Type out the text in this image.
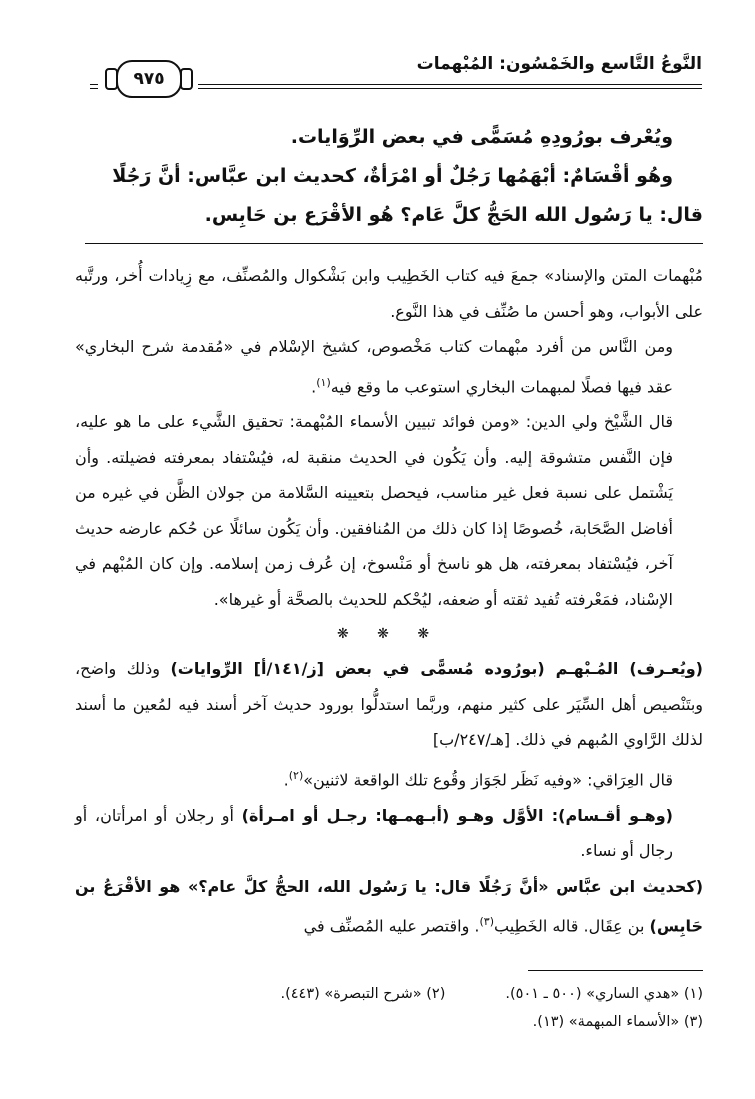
٩٧٥
النَّوعُ التَّاسع والخَمْسُون: المُبْهمات

ويُعْرف بورُودِهِ مُسَمًّى في بعض الرِّوَايات.

وهُو أقْسَامٌ: أبْهَمُها رَجُلٌ أو امْرَأةٌ، كحديث ابن عبَّاس: أنَّ رَجُلًا

قال: يا رَسُول الله الحَجُّ كلَّ عَام؟ هُو الأقْرَع بن حَابِس.

مُبْهمات المتن والإسناد» جمعَ فيه كتاب الخَطِيب وابن بَشْكوال والمُصنِّف، مع زِيادات أُخر، ورتَّبه على الأبواب، وهو أحسن ما صُنِّف في هذا النَّوع.

ومن النَّاس من أفرد مبْهمات كتاب مَخْصوص، كشيخ الإسْلام في «مُقدمة شرح البخاري» عقد فيها فصلًا لمبهمات البخاري استوعب ما وقع فيه$^{(١)}$.

قال الشَّيْخ ولي الدين: «ومن فوائد تبيين الأسماء المُبْهمة: تحقيق الشَّيء على ما هو عليه، فإن النَّفس متشوقة إليه. وأن يَكُون في الحديث منقبة له، فيُسْتفاد بمعرفته فضيلته. وأن يَشْتمل على نسبة فعل غير مناسب، فيحصل بتعيينه السَّلامة من جولان الظَّن في غيره من أفاضل الصَّحَابة، خُصوصًا إذا كان ذلك من المُنافقين. وأن يَكُون سائلًا عن حُكم عارضه حديث آخر، فيُسْتفاد بمعرفته، هل هو ناسخ أو مَنْسوخ، إن عُرف زمن إسلامه. وإن كان المُبْهم في الإسْناد، فمَعْرفته تُفيد ثقته أو ضعفه، ليُحْكم للحديث بالصحَّة أو غيرها».

❋ ❋ ❋

(ويُعـرف) المُـبْهـم (بورُوده مُسمًّى في بعض [ز/١٤١/أ] الرِّوايات) وذلك واضح، وبتَنْصيص أهل السِّيَر على كثير منهم، وربَّما استدلُّوا بورود حديث آخر أسند فيه لمُعين ما أسند لذلك الرَّاوي المُبهم في ذلك. [هـ/٢٤٧/ب]

قال العِرَاقي: «وفيه نَظَر لجَوَاز وقُوع تلك الواقعة لاثنين»$^{(٢)}$.

(وهـو أقـسام): الأوَّل وهـو (أبـهمـها: رجـل أو امـرأة) أو رجلان أو امرأتان، أو رجال أو نساء.

(كحديث ابن عبَّاس «أنَّ رَجُلًا قال: يا رَسُول الله، الحجُّ كلَّ عام؟» هو الأقْرَعُ بن حَابِس) بن عِقَال. قاله الخَطِيب$^{(٣)}$. واقتصر عليه المُصنِّف في

(١) «هدي الساري» (٥٠٠ ـ ٥٠١).
(٢) «شرح التبصرة» (٤٤٣).
(٣) «الأسماء المبهمة» (١٣).
